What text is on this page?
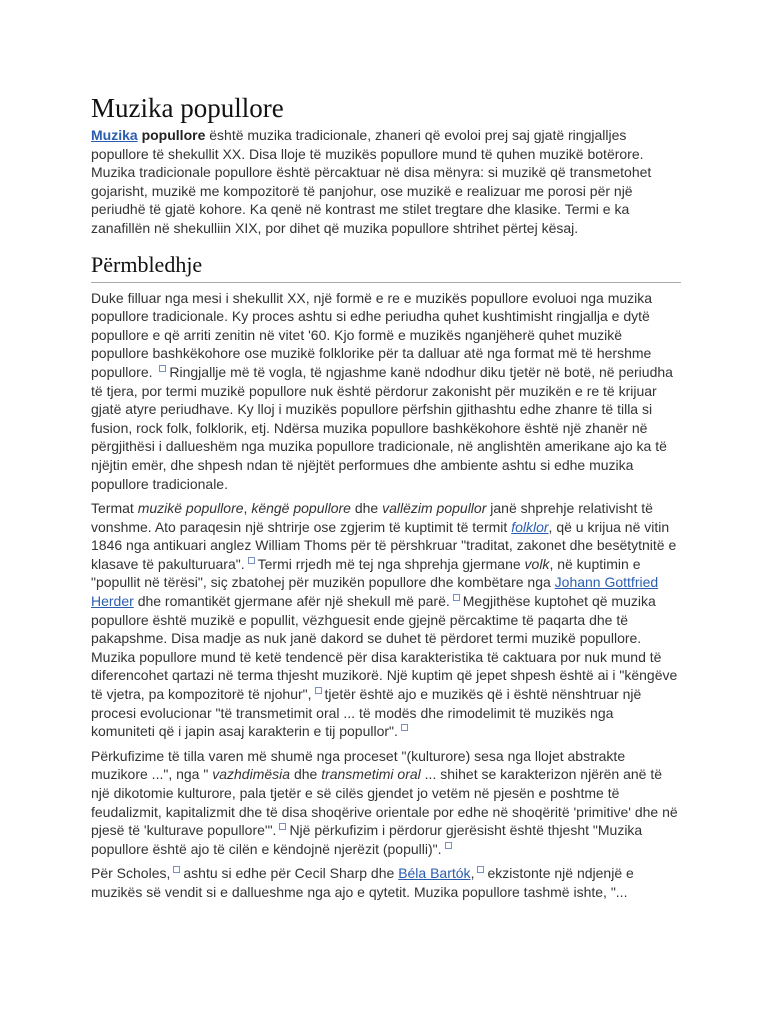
Muzika popullore

Muzika popullore është muzika tradicionale, zhaneri që evoloi prej saj gjatë ringjalljes popullore të shekullit XX. Disa lloje të muzikës popullore mund të quhen muzikë botërore. Muzika tradicionale popullore është përcaktuar në disa mënyra: si muzikë që transmetohet gojarisht, muzikë me kompozitorë të panjohur, ose muzikë e realizuar me porosi për një periudhë të gjatë kohore. Ka qenë në kontrast me stilet tregtare dhe klasike. Termi e ka zanafillën në shekulliin XIX, por dihet që muzika popullore shtrihet përtej kësaj.

Përmbledhje

Duke filluar nga mesi i shekullit XX, një formë e re e muzikës popullore evoluoi nga muzika popullore tradicionale. Ky proces ashtu si edhe periudha quhet kushtimisht ringjallja e dytë popullore e që arriti zenitin në vitet '60. Kjo formë e muzikës nganjëherë quhet muzikë popullore bashkëkohore ose muzikë folklorike për ta dalluar atë nga format më të hershme popullore. Ringjallje më të vogla, të ngjashme kanë ndodhur diku tjetër në botë, në periudha të tjera, por termi muzikë popullore nuk është përdorur zakonisht për muzikën e re të krijuar gjatë atyre periudhave. Ky lloj i muzikës popullore përfshin gjithashtu edhe zhanre të tilla si fusion, rock folk, folklorik, etj. Ndërsa muzika popullore bashkëkohore është një zhanër në përgjithësi i dallueshëm nga muzika popullore tradicionale, në anglishtën amerikane ajo ka të njëjtin emër, dhe shpesh ndan të njëjtët performues dhe ambiente ashtu si edhe muzika popullore tradicionale.

Termat muzikë popullore, këngë popullore dhe vallëzim popullor janë shprehje relativisht të vonshme. Ato paraqesin një shtrirje ose zgjerim të kuptimit të termit folklor, që u krijua në vitin 1846 nga antikuari anglez William Thoms për të përshkruar "traditat, zakonet dhe besëtytnitë e klasave të pakulturuara". Termi rrjedh më tej nga shprehja gjermane volk, në kuptimin e "popullit në tërësi", siç zbatohej për muzikën popullore dhe kombëtare nga Johann Gottfried Herder dhe romantikët gjermane afër një shekull më parë. Megjithëse kuptohet që muzika popullore është muzikë e popullit, vëzhguesit ende gjejnë përcaktime të paqarta dhe të pakapshme. Disa madje as nuk janë dakord se duhet të përdoret termi muzikë popullore. Muzika popullore mund të ketë tendencë për disa karakteristika të caktuara por nuk mund të diferencohet qartazi në terma thjesht muzikorë. Një kuptim që jepet shpesh është ai i "këngëve të vjetra, pa kompozitorë të njohur", tjetër është ajo e muzikës që i është nënshtruar një procesi evolucionar "të transmetimit oral ... të modës dhe rimodelimit të muzikës nga komuniteti që i japin asaj karakterin e tij popullor".

Përkufizime të tilla varen më shumë nga proceset "(kulturore) sesa nga llojet abstrakte muzikore ...", nga " vazhdimësia dhe transmetimi oral ... shihet se karakterizon njërën anë të një dikotomie kulturore, pala tjetër e së cilës gjendet jo vetëm në pjesën e poshtme të feudalizmit, kapitalizmit dhe të disa shoqërive orientale por edhe në shoqëritë 'primitive' dhe në pjesë të 'kulturave popullore'". Një përkufizim i përdorur gjerësisht është thjesht "Muzika popullore është ajo të cilën e këndojnë njerëzit (populli)".

Për Scholes, ashtu si edhe për Cecil Sharp dhe Béla Bartók, ekzistonte një ndjenjë e muzikës së vendit si e dallueshme nga ajo e qytetit. Muzika popullore tashmë ishte, "...
